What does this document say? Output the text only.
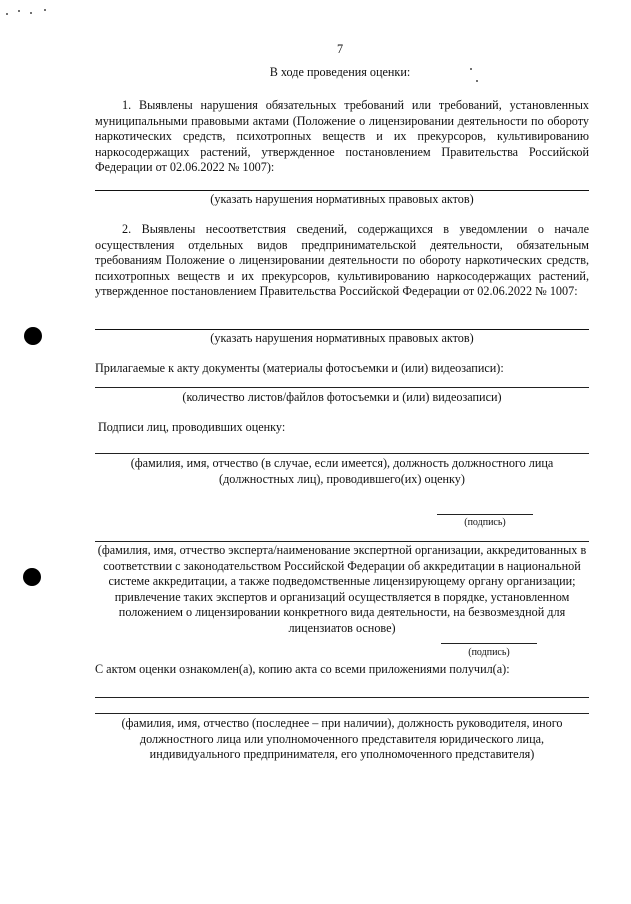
7
В ходе проведения оценки:

1. Выявлены нарушения обязательных требований или требований, установленных муниципальными правовыми актами (Положение о лицензировании деятельности по обороту наркотических средств, психотропных веществ и их прекурсоров, культивированию наркосодержащих растений, утвержденное постановлением Правительства Российской Федерации от 02.06.2022 № 1007):

(указать нарушения нормативных правовых актов)

2. Выявлены несоответствия сведений, содержащихся в уведомлении о начале осуществления отдельных видов предпринимательской деятельности, обязательным требованиям Положение о лицензировании деятельности по обороту наркотических средств, психотропных веществ и их прекурсоров, культивированию наркосодержащих растений, утвержденное постановлением Правительства Российской Федерации от 02.06.2022 № 1007:

(указать нарушения нормативных правовых актов)
Прилагаемые к акту документы (материалы фотосъемки и (или) видеозаписи):
(количество листов/файлов фотосъемки и (или) видеозаписи)
Подписи лиц, проводивших оценку:
(фамилия, имя, отчество (в случае, если имеется), должность должностного лица (должностных лиц), проводившего(их) оценку)
(подпись)
(фамилия, имя, отчество эксперта/наименование экспертной организации, аккредитованных в соответствии с законодательством Российской Федерации об аккредитации в национальной системе аккредитации, а также подведомственные лицензирующему органу организации; привлечение таких экспертов и организаций осуществляется в порядке, установленном положением о лицензировании конкретного вида деятельности, на безвозмездной для лицензиатов основе)
(подпись)
С актом оценки ознакомлен(а), копию акта со всеми приложениями получил(а):
(фамилия, имя, отчество (последнее – при наличии), должность руководителя, иного должностного лица или уполномоченного представителя юридического лица, индивидуального предпринимателя, его уполномоченного представителя)
